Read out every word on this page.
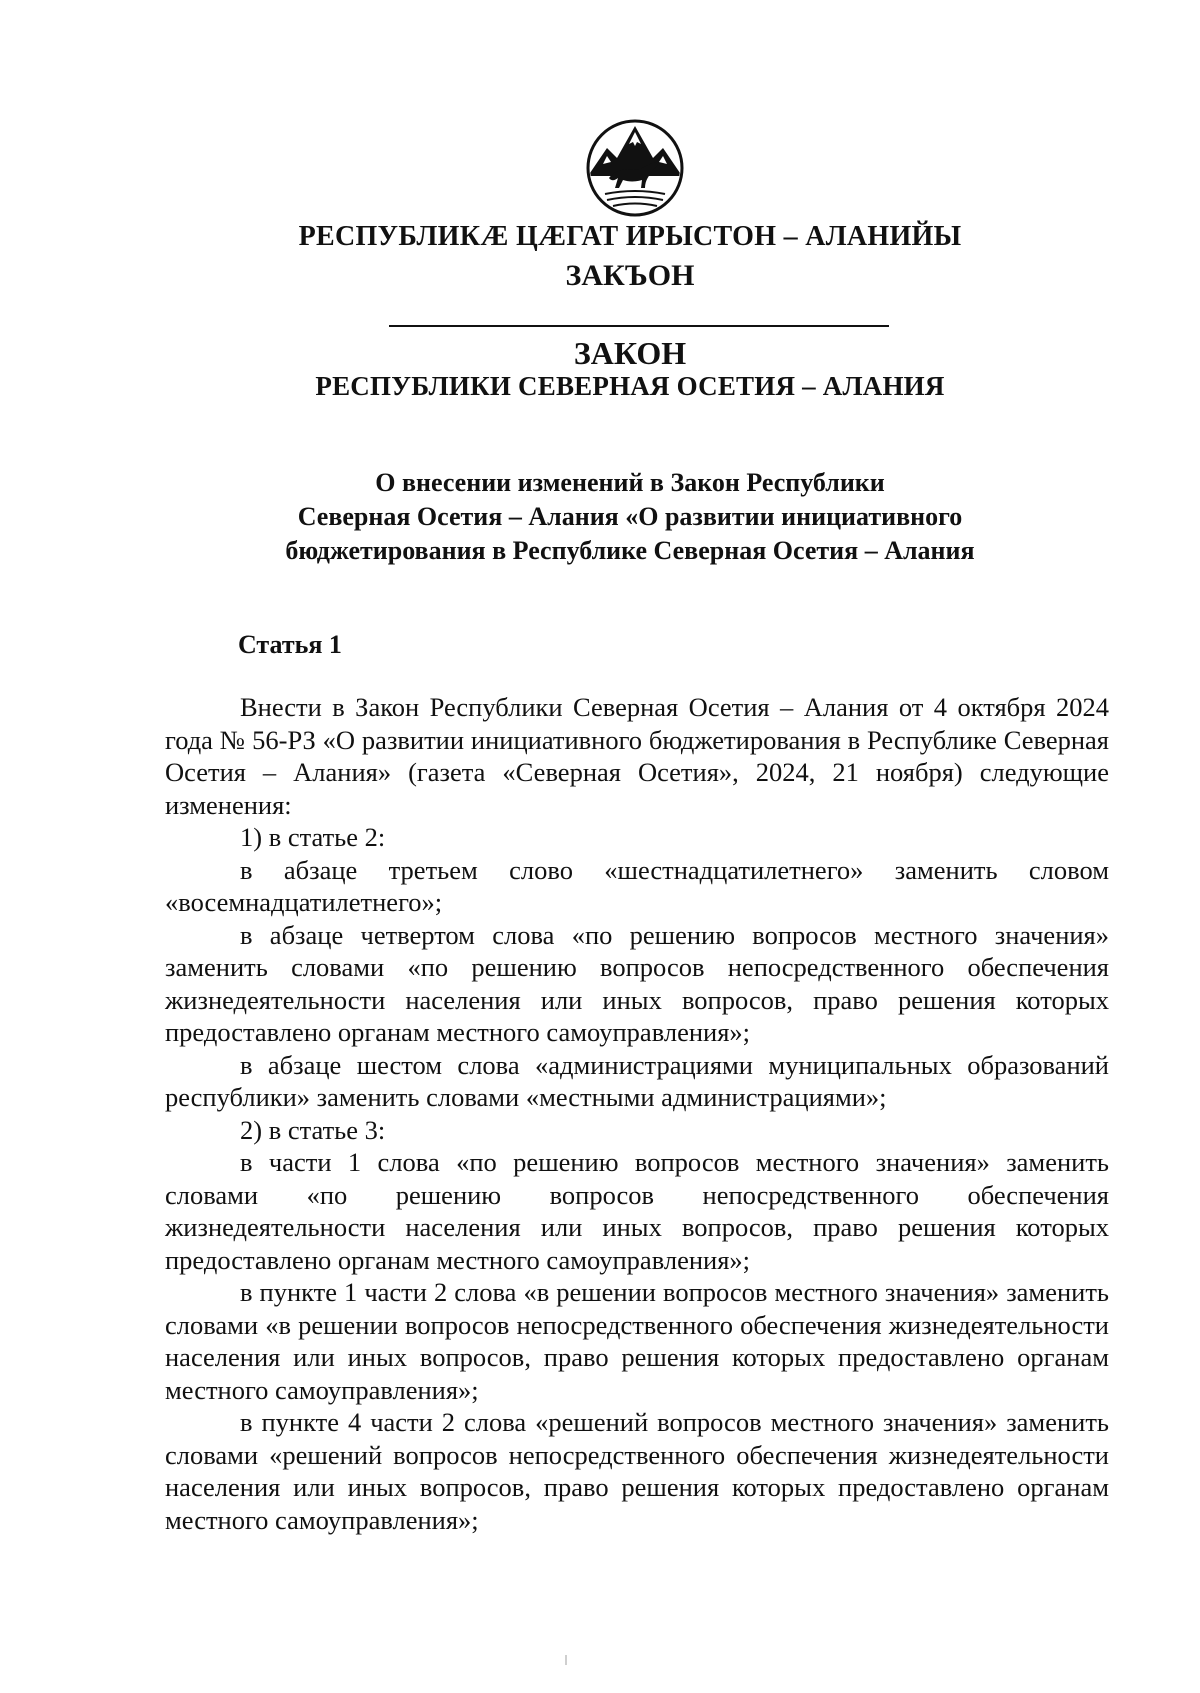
РЕСПУБЛИКӔ ЦӔГАТ ИРЫСТОН – АЛАНИЙЫ
ЗАКЪОН
ЗАКОН
РЕСПУБЛИКИ СЕВЕРНАЯ ОСЕТИЯ – АЛАНИЯ
О внесении изменений в Закон Республики
Северная Осетия – Алания «О развитии инициативного
бюджетирования в Республике Северная Осетия – Алания
Статья 1

Внести в Закон Республики Северная Осетия – Алания от 4 октября 2024 года № 56-РЗ «О развитии инициативного бюджетирования в Республике Северная Осетия – Алания» (газета «Северная Осетия», 2024, 21 ноября) следующие изменения:

1) в статье 2:

в абзаце третьем слово «шестнадцатилетнего» заменить словом «восемнадцатилетнего»;

в абзаце четвертом слова «по решению вопросов местного значения» заменить словами «по решению вопросов непосредственного обеспечения жизнедеятельности населения или иных вопросов, право решения которых предоставлено органам местного самоуправления»;

в абзаце шестом слова «администрациями муниципальных образований республики» заменить словами «местными администрациями»;

2) в статье 3:

в части 1 слова «по решению вопросов местного значения» заменить словами «по решению вопросов непосредственного обеспечения жизнедеятельности населения или иных вопросов, право решения которых предоставлено органам местного самоуправления»;

в пункте 1 части 2 слова «в решении вопросов местного значения» заменить словами «в решении вопросов непосредственного обеспечения жизнедеятельности населения или иных вопросов, право решения которых предоставлено органам местного самоуправления»;

в пункте 4 части 2 слова «решений вопросов местного значения» заменить словами «решений вопросов непосредственного обеспечения жизнедеятельности населения или иных вопросов, право решения которых предоставлено органам местного самоуправления»;
